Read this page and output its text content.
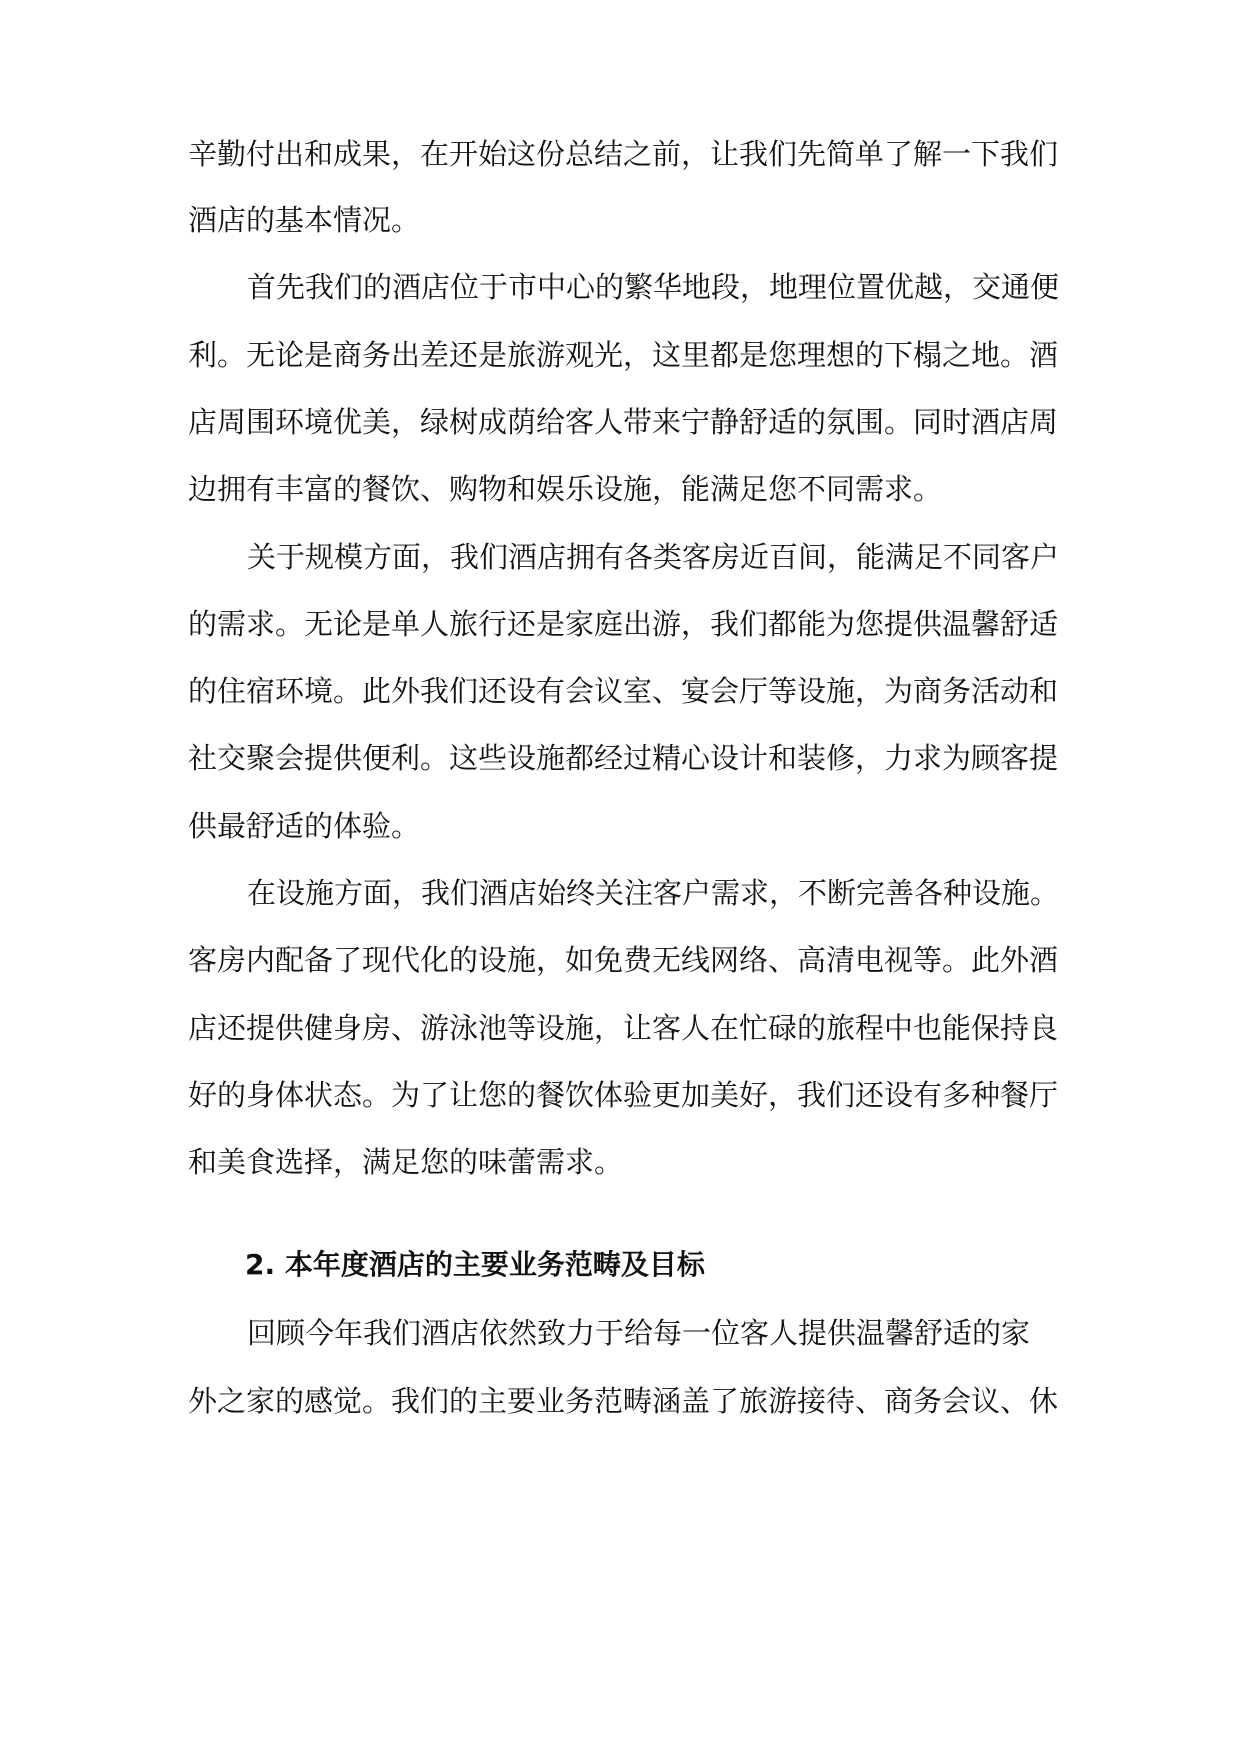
辛勤付出和成果，在开始这份总结之前，让我们先简单了解一下我们
酒店的基本情况。
首先我们的酒店位于市中心的繁华地段，地理位置优越，交通便
利。无论是商务出差还是旅游观光，这里都是您理想的下榻之地。酒
店周围环境优美，绿树成荫给客人带来宁静舒适的氛围。同时酒店周
边拥有丰富的餐饮、购物和娱乐设施，能满足您不同需求。
关于规模方面，我们酒店拥有各类客房近百间，能满足不同客户
的需求。无论是单人旅行还是家庭出游，我们都能为您提供温馨舒适
的住宿环境。此外我们还设有会议室、宴会厅等设施，为商务活动和
社交聚会提供便利。这些设施都经过精心设计和装修，力求为顾客提
供最舒适的体验。
在设施方面，我们酒店始终关注客户需求，不断完善各种设施。
客房内配备了现代化的设施，如免费无线网络、高清电视等。此外酒
店还提供健身房、游泳池等设施，让客人在忙碌的旅程中也能保持良
好的身体状态。为了让您的餐饮体验更加美好，我们还设有多种餐厅
和美食选择，满足您的味蕾需求。
2. 本年度酒店的主要业务范畴及目标
回顾今年我们酒店依然致力于给每一位客人提供温馨舒适的家
外之家的感觉。我们的主要业务范畴涵盖了旅游接待、商务会议、休
